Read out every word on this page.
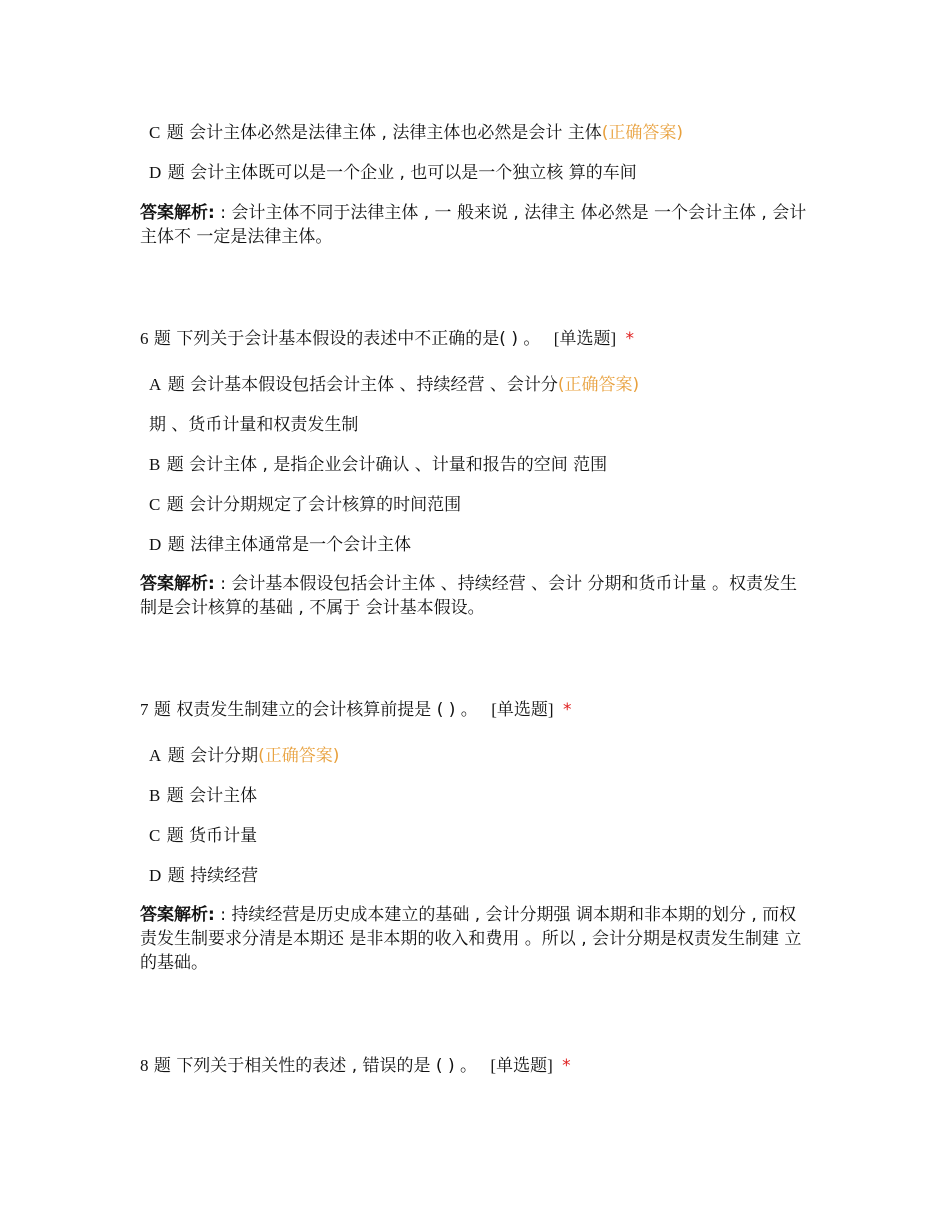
C 题 会计主体必然是法律主体 , 法律主体也必然是会计 主体(正确答案)
D 题 会计主体既可以是一个企业 , 也可以是一个独立核 算的车间
答案解析: : 会计主体不同于法律主体 , 一 般来说 , 法律主 体必然是 一个会计主体 , 会计主体不 一定是法律主体。
6 题 下列关于会计基本假设的表述中不正确的是( ) 。 [单选题] *
A 题 会计基本假设包括会计主体 、持续经营 、会计分(正确答案)
期 、货币计量和权责发生制
B 题 会计主体 , 是指企业会计确认 、计量和报告的空间 范围
C 题 会计分期规定了会计核算的时间范围
D 题 法律主体通常是一个会计主体
答案解析: : 会计基本假设包括会计主体 、持续经营 、会计 分期和货币计量 。权责发生制是会计核算的基础 , 不属于 会计基本假设。
7 题 权责发生制建立的会计核算前提是 ( ) 。 [单选题] *
A 题 会计分期(正确答案)
B 题 会计主体
C 题 货币计量
D 题 持续经营
答案解析: : 持续经营是历史成本建立的基础 , 会计分期强 调本期和非本期的划分 , 而权责发生制要求分清是本期还 是非本期的收入和费用 。所以 , 会计分期是权责发生制建 立的基础。
8 题 下列关于相关性的表述 , 错误的是 ( ) 。 [单选题] *
